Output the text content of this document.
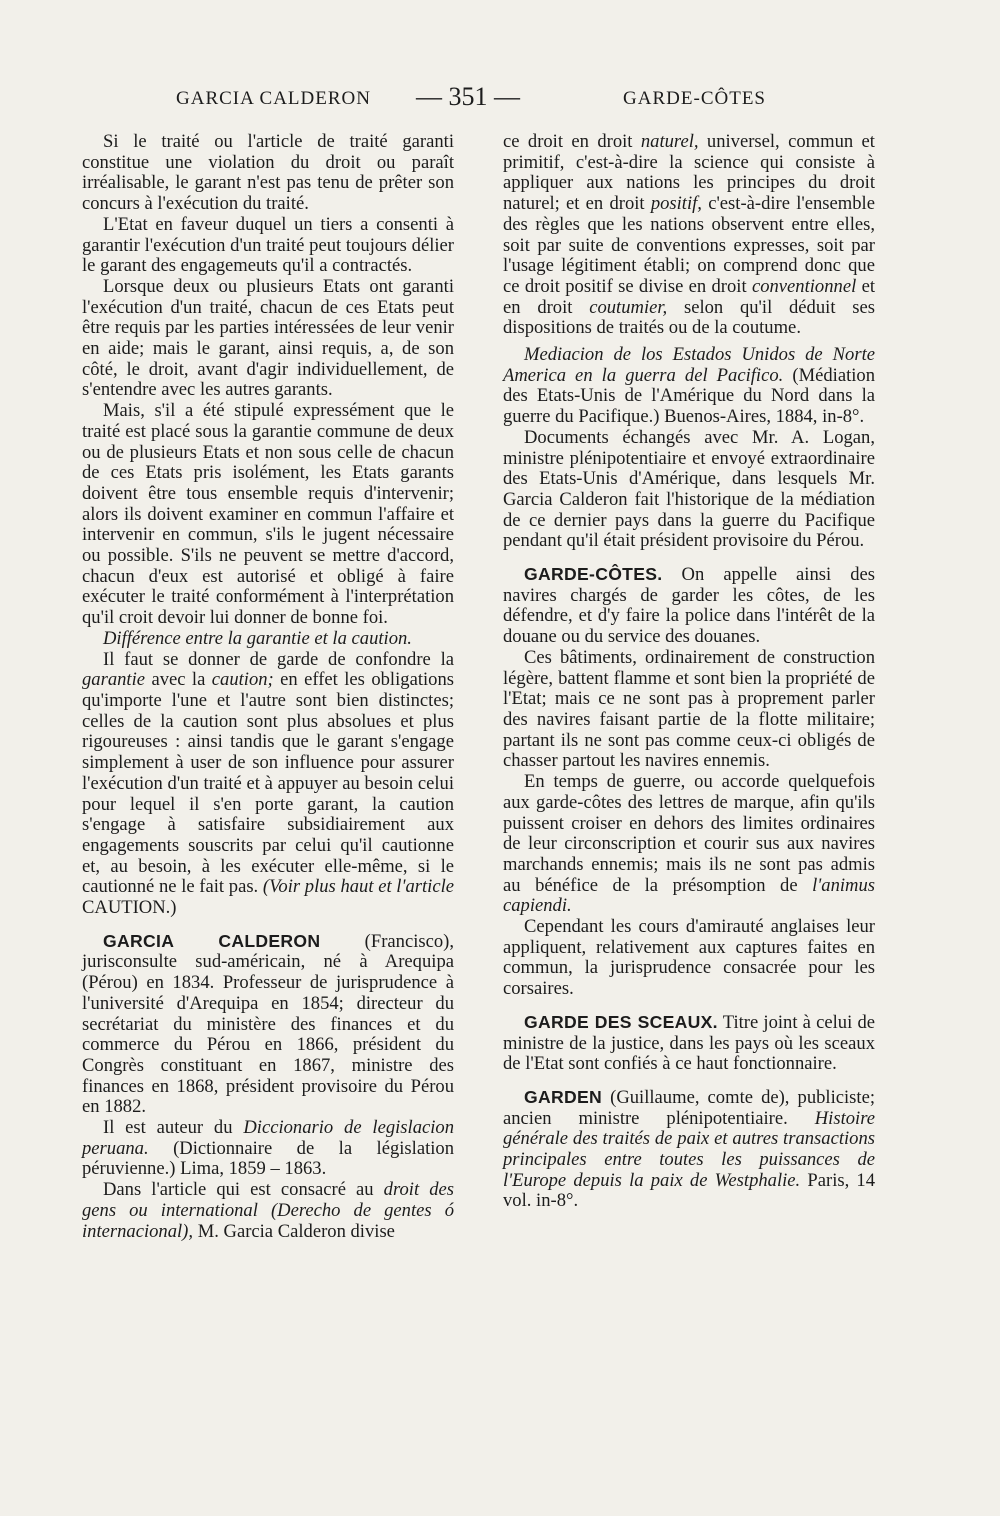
GARCIA CALDERON — 351 —	GARDE-CÔTES

Si le traité ou l'article de traité garanti constitue une violation du droit ou paraît irréalisable, le garant n'est pas tenu de prêter son concurs à l'exécution du traité.

L'Etat en faveur duquel un tiers a consenti à garantir l'exécution d'un traité peut toujours délier le garant des engagemeuts qu'il a contractés.

Lorsque deux ou plusieurs Etats ont garanti l'exécution d'un traité, chacun de ces Etats peut être requis par les parties intéressées de leur venir en aide; mais le garant, ainsi requis, a, de son côté, le droit, avant d'agir individuellement, de s'entendre avec les autres garants.

Mais, s'il a été stipulé expressément que le traité est placé sous la garantie commune de deux ou de plusieurs Etats et non sous celle de chacun de ces Etats pris isolément, les Etats garants doivent être tous ensemble requis d'intervenir; alors ils doivent examiner en commun l'affaire et intervenir en commun, s'ils le jugent nécessaire ou possible. S'ils ne peuvent se mettre d'accord, chacun d'eux est autorisé et obligé à faire exécuter le traité conformément à l'interprétation qu'il croit devoir lui donner de bonne foi.

Différence entre la garantie et la caution.

Il faut se donner de garde de confondre la garantie avec la caution; en effet les obligations qu'importe l'une et l'autre sont bien distinctes; celles de la caution sont plus absolues et plus rigoureuses : ainsi tandis que le garant s'engage simplement à user de son influence pour assurer l'exécution d'un traité et à appuyer au besoin celui pour lequel il s'en porte garant, la caution s'engage à satisfaire subsidiairement aux engagements souscrits par celui qu'il cautionne et, au besoin, à les exécuter elle-même, si le cautionné ne le fait pas. (Voir plus haut et l'article CAUTION.)

GARCIA CALDERON (Francisco), jurisconsulte sud-américain, né à Arequipa (Pérou) en 1834. Professeur de jurisprudence à l'université d'Arequipa en 1854; directeur du secrétariat du ministère des finances et du commerce du Pérou en 1866, président du Congrès constituant en 1867, ministre des finances en 1868, président provisoire du Pérou en 1882.

Il est auteur du Diccionario de legislacion peruana. (Dictionnaire de la législation péruvienne.) Lima, 1859 – 1863.

Dans l'article qui est consacré au droit des gens ou international (Derecho de gentes ó internacional), M. Garcia Calderon divise

ce droit en droit naturel, universel, commun et primitif, c'est-à-dire la science qui consiste à appliquer aux nations les principes du droit naturel; et en droit positif, c'est-à-dire l'ensemble des règles que les nations observent entre elles, soit par suite de conventions expresses, soit par l'usage légitiment établi; on comprend donc que ce droit positif se divise en droit conventionnel et en droit coutumier, selon qu'il déduit ses dispositions de traités ou de la coutume.

Mediacion de los Estados Unidos de Norte America en la guerra del Pacifico. (Médiation des Etats-Unis de l'Amérique du Nord dans la guerre du Pacifique.) Buenos-Aires, 1884, in-8°.

Documents échangés avec Mr. A. Logan, ministre plénipotentiaire et envoyé extraordinaire des Etats-Unis d'Amérique, dans lesquels Mr. Garcia Calderon fait l'historique de la médiation de ce dernier pays dans la guerre du Pacifique pendant qu'il était président provisoire du Pérou.

GARDE-CÔTES. On appelle ainsi des navires chargés de garder les côtes, de les défendre, et d'y faire la police dans l'intérêt de la douane ou du service des douanes.

Ces bâtiments, ordinairement de construction légère, battent flamme et sont bien la propriété de l'Etat; mais ce ne sont pas à proprement parler des navires faisant partie de la flotte militaire; partant ils ne sont pas comme ceux-ci obligés de chasser partout les navires ennemis.

En temps de guerre, ou accorde quelquefois aux garde-côtes des lettres de marque, afin qu'ils puissent croiser en dehors des limites ordinaires de leur circonscription et courir sus aux navires marchands ennemis; mais ils ne sont pas admis au bénéfice de la présomption de l'animus capiendi.

Cependant les cours d'amirauté anglaises leur appliquent, relativement aux captures faites en commun, la jurisprudence consacrée pour les corsaires.

GARDE DES SCEAUX. Titre joint à celui de ministre de la justice, dans les pays où les sceaux de l'Etat sont confiés à ce haut fonctionnaire.

GARDEN (Guillaume, comte de), publiciste; ancien ministre plénipotentiaire. Histoire générale des traités de paix et autres transactions principales entre toutes les puissances de l'Europe depuis la paix de Westphalie. Paris, 14 vol. in-8°.
